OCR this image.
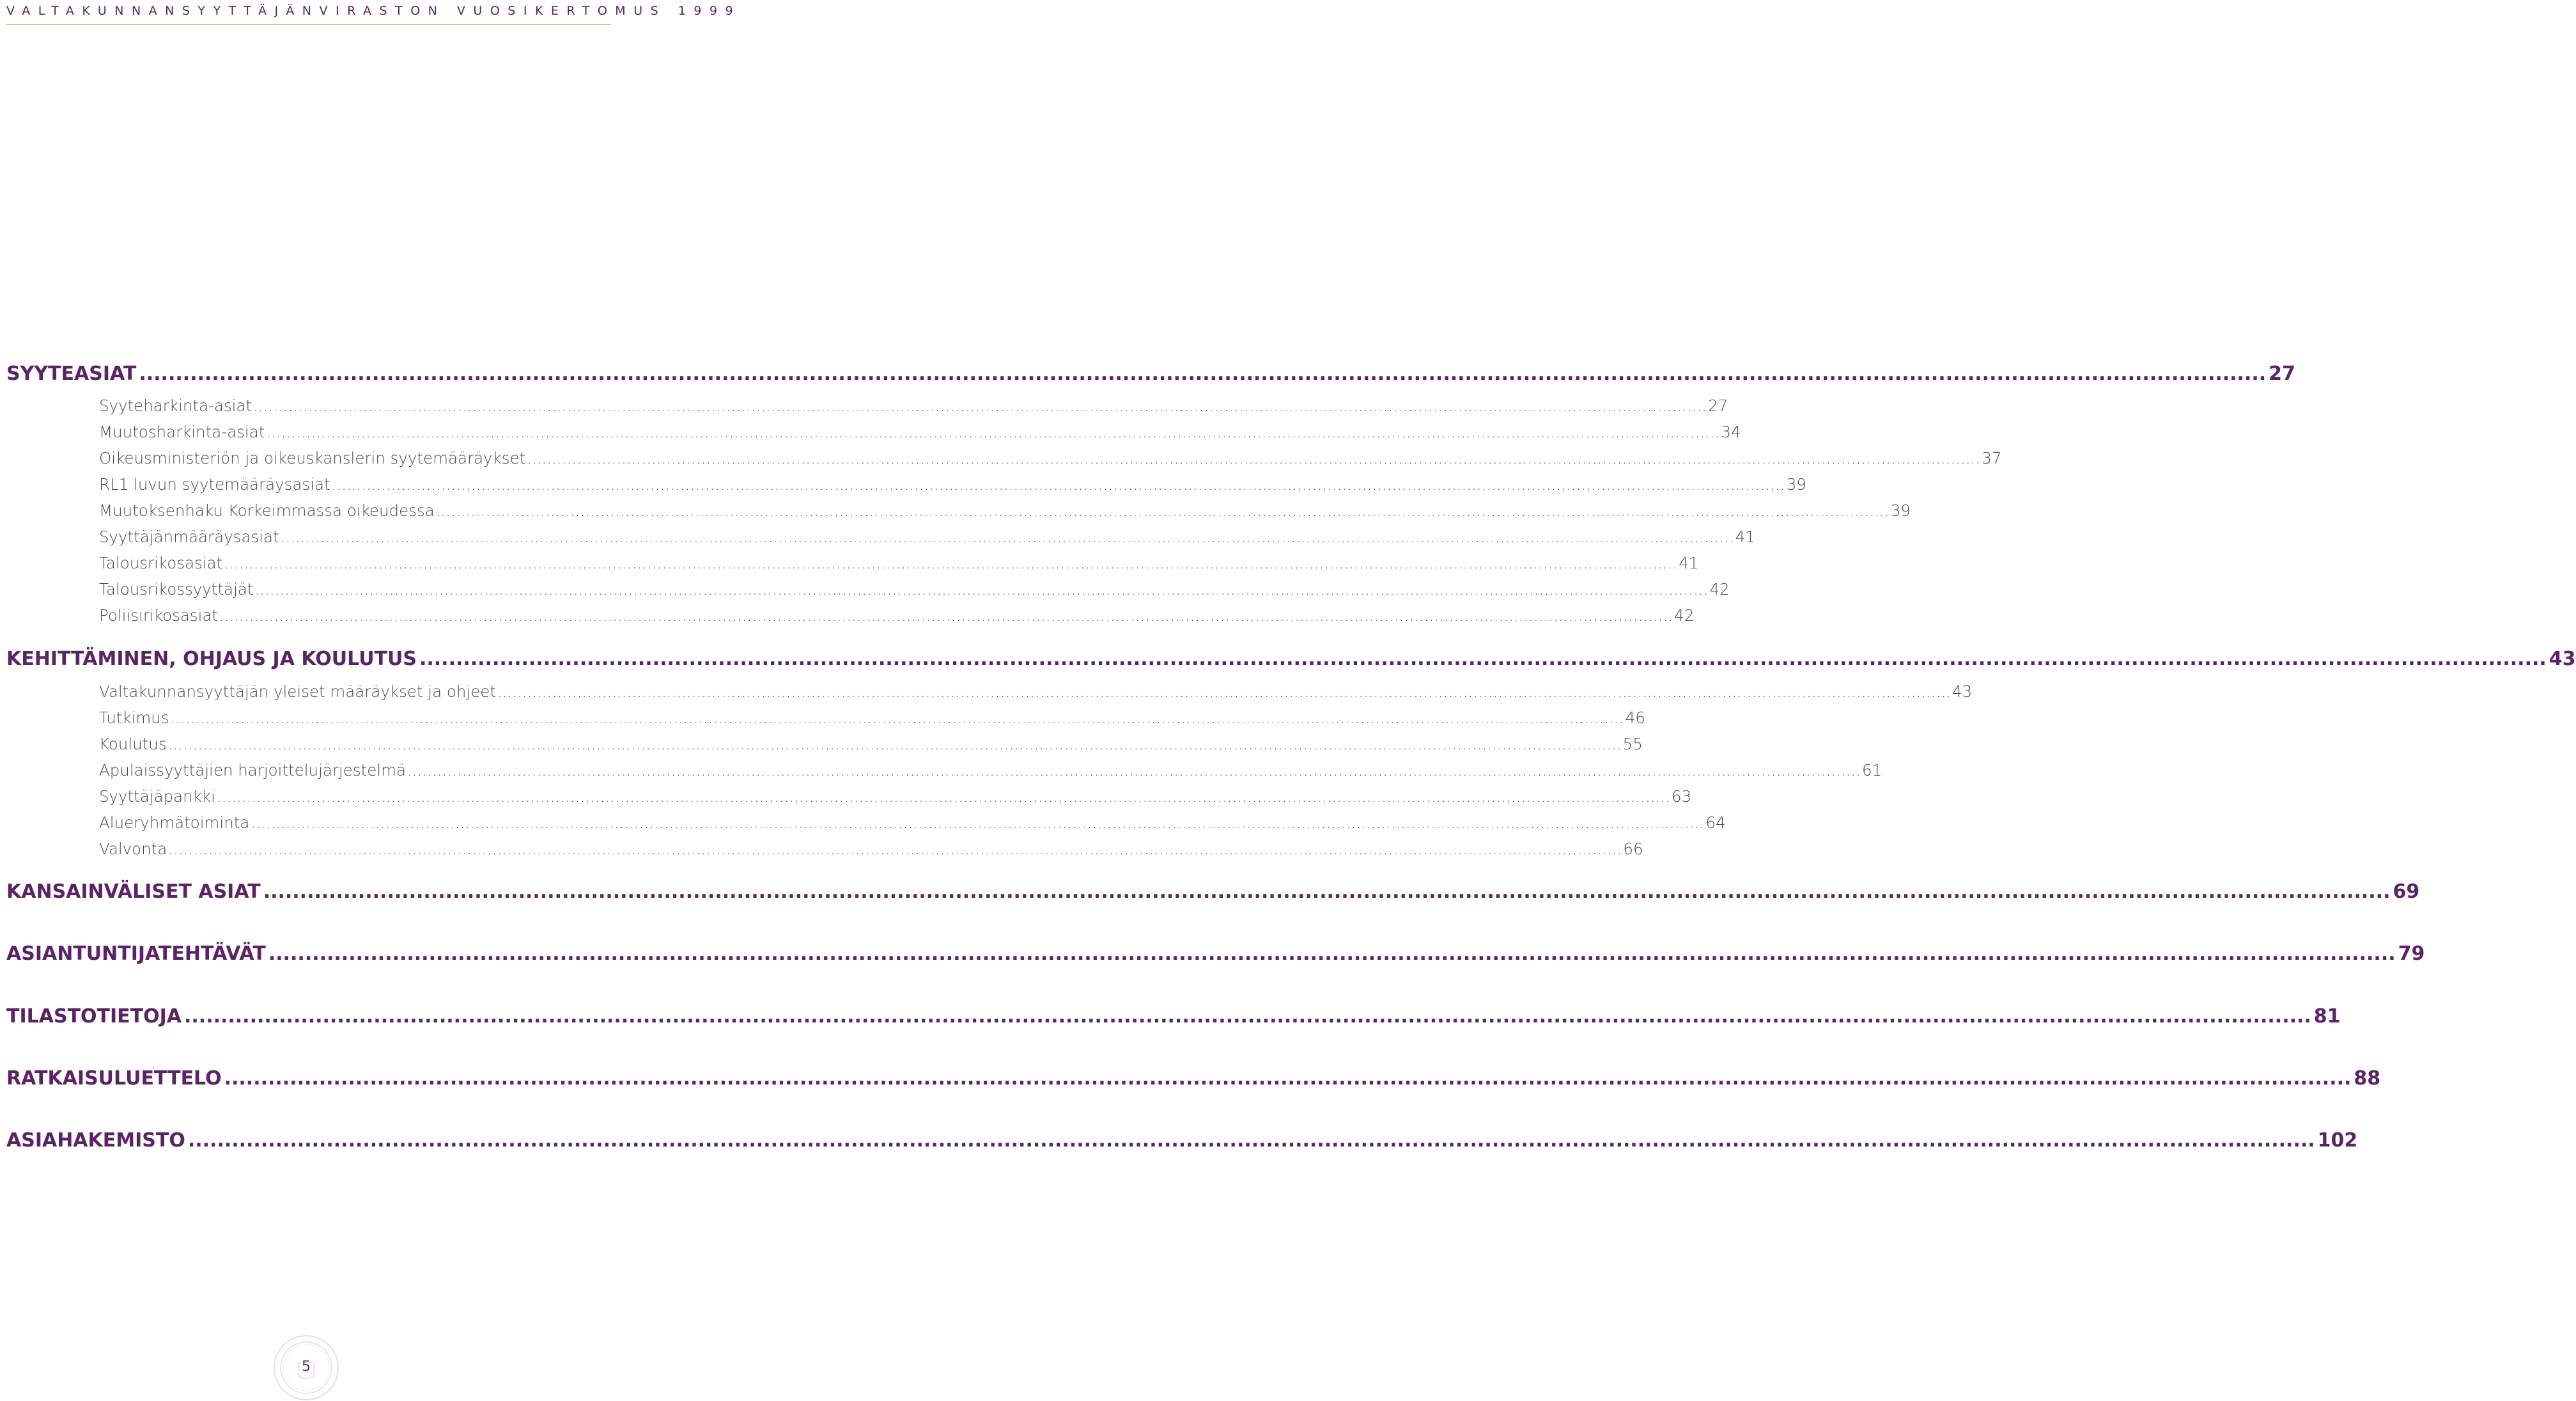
VALTAKUNNANSYYTTÄJÄNVIRASTON VUOSIKERTOMUS 1999
SYYTEASIAT .....	27
Syyteharkinta-asiat .....	27
Muutosharkinta-asiat .....	34
Oikeusministeriön ja oikeuskanslerin syytemääräykset .....	37
RL1 luvun syytemääräysasiat .....	39
Muutoksenhaku Korkeimmassa oikeudessa .....	39
Syyttäjänmääräysasiat .....	41
Talousrikosasiat .....	41
Talousrikossyyttäjät .....	42
Poliisirikosasiat .....	42
KEHITTÄMINEN, OHJAUS JA KOULUTUS .....	43
Valtakunnansyyttäjän yleiset määräykset ja ohjeet .....	43
Tutkimus .....	46
Koulutus .....	55
Apulaissyyttäjien harjoittelujärjestelmä .....	61
Syyttäjäpankki .....	63
Alueryhmätoiminta .....	64
Valvonta .....	66
KANSAINVÄLISET ASIAT .....	69
ASIANTUNTIJATEHTÄVÄT .....	79
TILASTOTIETOJA .....	81
RATKAISULUETTELO .....	88
ASIAHAKEMISTO .....	102
5
